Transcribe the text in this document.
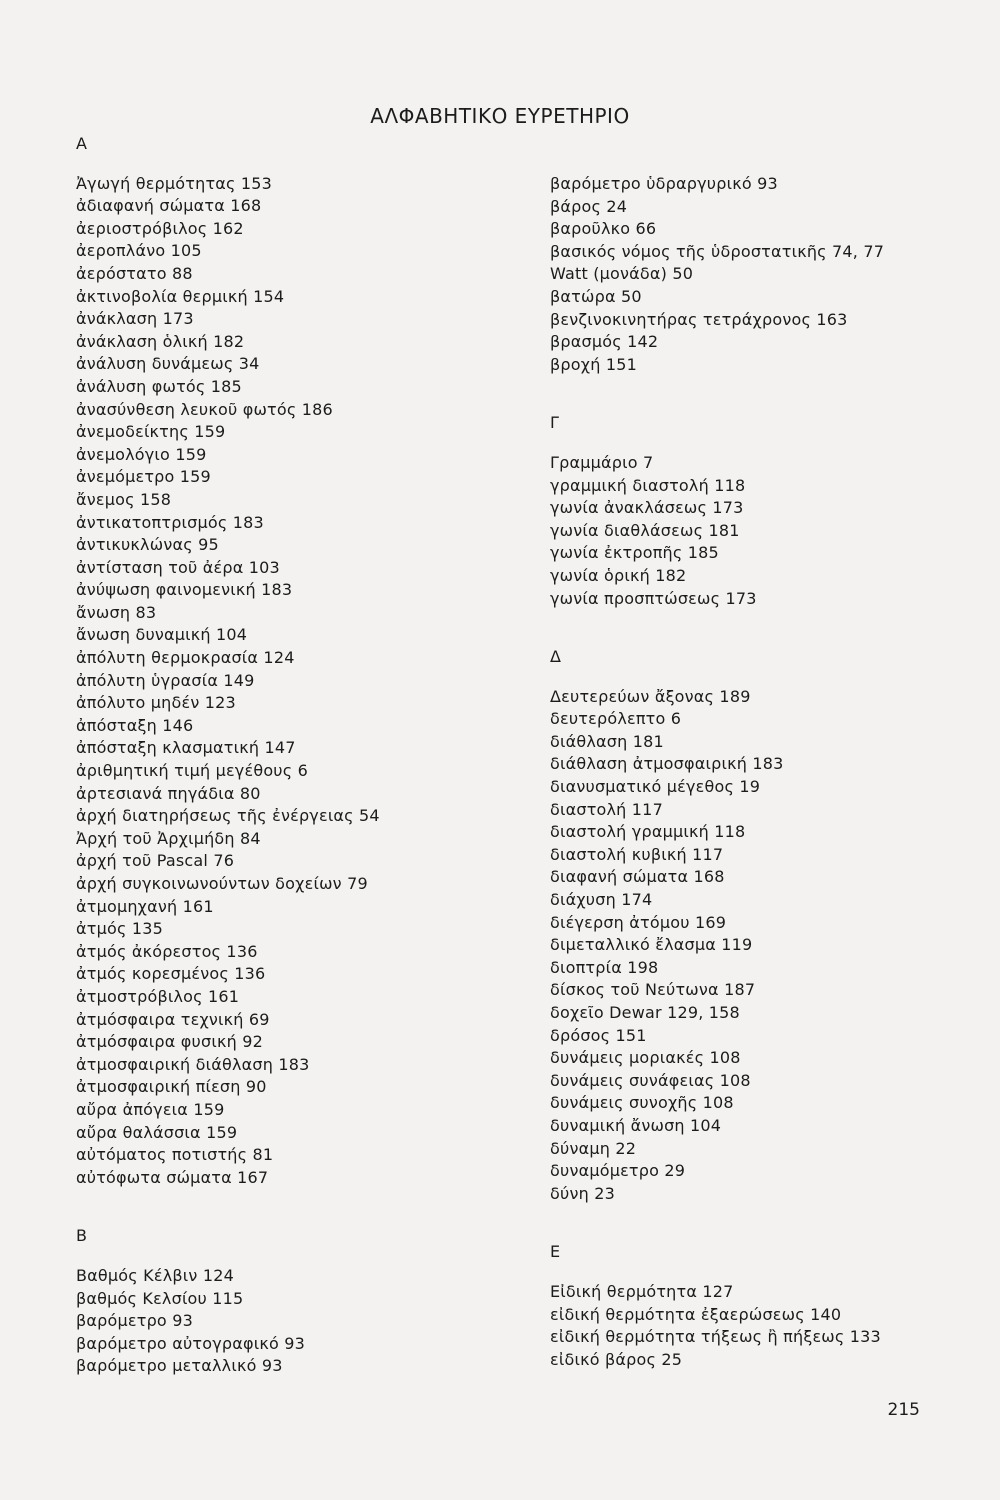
ΑΛΦΑΒΗΤΙΚΟ ΕΥΡΕΤΗΡΙΟ
Α
Ἀγωγή θερμότητας 153
ἀδιαφανή σώματα 168
ἀεριοστρόβιλος 162
ἀεροπλάνο 105
ἀερόστατο 88
ἀκτινοβολία θερμική 154
ἀνάκλαση 173
ἀνάκλαση ὁλική 182
ἀνάλυση δυνάμεως 34
ἀνάλυση φωτός 185
ἀνασύνθεση λευκοῦ φωτός 186
ἀνεμοδείκτης 159
ἀνεμολόγιο 159
ἀνεμόμετρο 159
ἄνεμος 158
ἀντικατοπτρισμός 183
ἀντικυκλώνας 95
ἀντίσταση τοῦ ἀέρα 103
ἀνύψωση φαινομενική 183
ἄνωση 83
ἄνωση δυναμική 104
ἀπόλυτη θερμοκρασία 124
ἀπόλυτη ὑγρασία 149
ἀπόλυτο μηδέν 123
ἀπόσταξη 146
ἀπόσταξη κλασματική 147
ἀριθμητική τιμή μεγέθους 6
ἀρτεσιανά πηγάδια 80
ἀρχή διατηρήσεως τῆς ἐνέργειας 54
Ἀρχή τοῦ Ἀρχιμήδη 84
ἀρχή τοῦ Pascal 76
ἀρχή συγκοινωνούντων δοχείων 79
ἀτμομηχανή 161
ἀτμός 135
ἀτμός ἀκόρεστος 136
ἀτμός κορεσμένος 136
ἀτμοστρόβιλος 161
ἀτμόσφαιρα τεχνική 69
ἀτμόσφαιρα φυσική 92
ἀτμοσφαιρική διάθλαση 183
ἀτμοσφαιρική πίεση 90
αὔρα ἀπόγεια 159
αὔρα θαλάσσια 159
αὐτόματος ποτιστής 81
αὐτόφωτα σώματα 167
Β
Βαθμός Κέλβιν 124
βαθμός Κελσίου 115
βαρόμετρο 93
βαρόμετρο αὐτογραφικό 93
βαρόμετρο μεταλλικό 93
βαρόμετρο ὑδραργυρικό 93
βάρος 24
βαροῦλκο 66
βασικός νόμος τῆς ὑδροστατικῆς 74, 77
Watt (μονάδα) 50
βατώρα 50
βενζινοκινητήρας τετράχρονος 163
βρασμός 142
βροχή 151
Γ
Γραμμάριο 7
γραμμική διαστολή 118
γωνία ἀνακλάσεως 173
γωνία διαθλάσεως 181
γωνία ἐκτροπῆς 185
γωνία ὁρική 182
γωνία προσπτώσεως 173
Δ
Δευτερεύων ἄξονας 189
δευτερόλεπτο 6
διάθλαση 181
διάθλαση ἀτμοσφαιρική 183
διανυσματικό μέγεθος 19
διαστολή 117
διαστολή γραμμική 118
διαστολή κυβική 117
διαφανή σώματα 168
διάχυση 174
διέγερση ἀτόμου 169
διμεταλλικό ἔλασμα 119
διοπτρία 198
δίσκος τοῦ Νεύτωνα 187
δοχεῖο Dewar 129, 158
δρόσος 151
δυνάμεις μοριακές 108
δυνάμεις συνάφειας 108
δυνάμεις συνοχῆς 108
δυναμική ἄνωση 104
δύναμη 22
δυναμόμετρο 29
δύνη 23
Ε
Εἰδική θερμότητα 127
εἰδική θερμότητα ἐξαερώσεως 140
εἰδική θερμότητα τήξεως ἢ πήξεως 133
εἰδικό βάρος 25
215
